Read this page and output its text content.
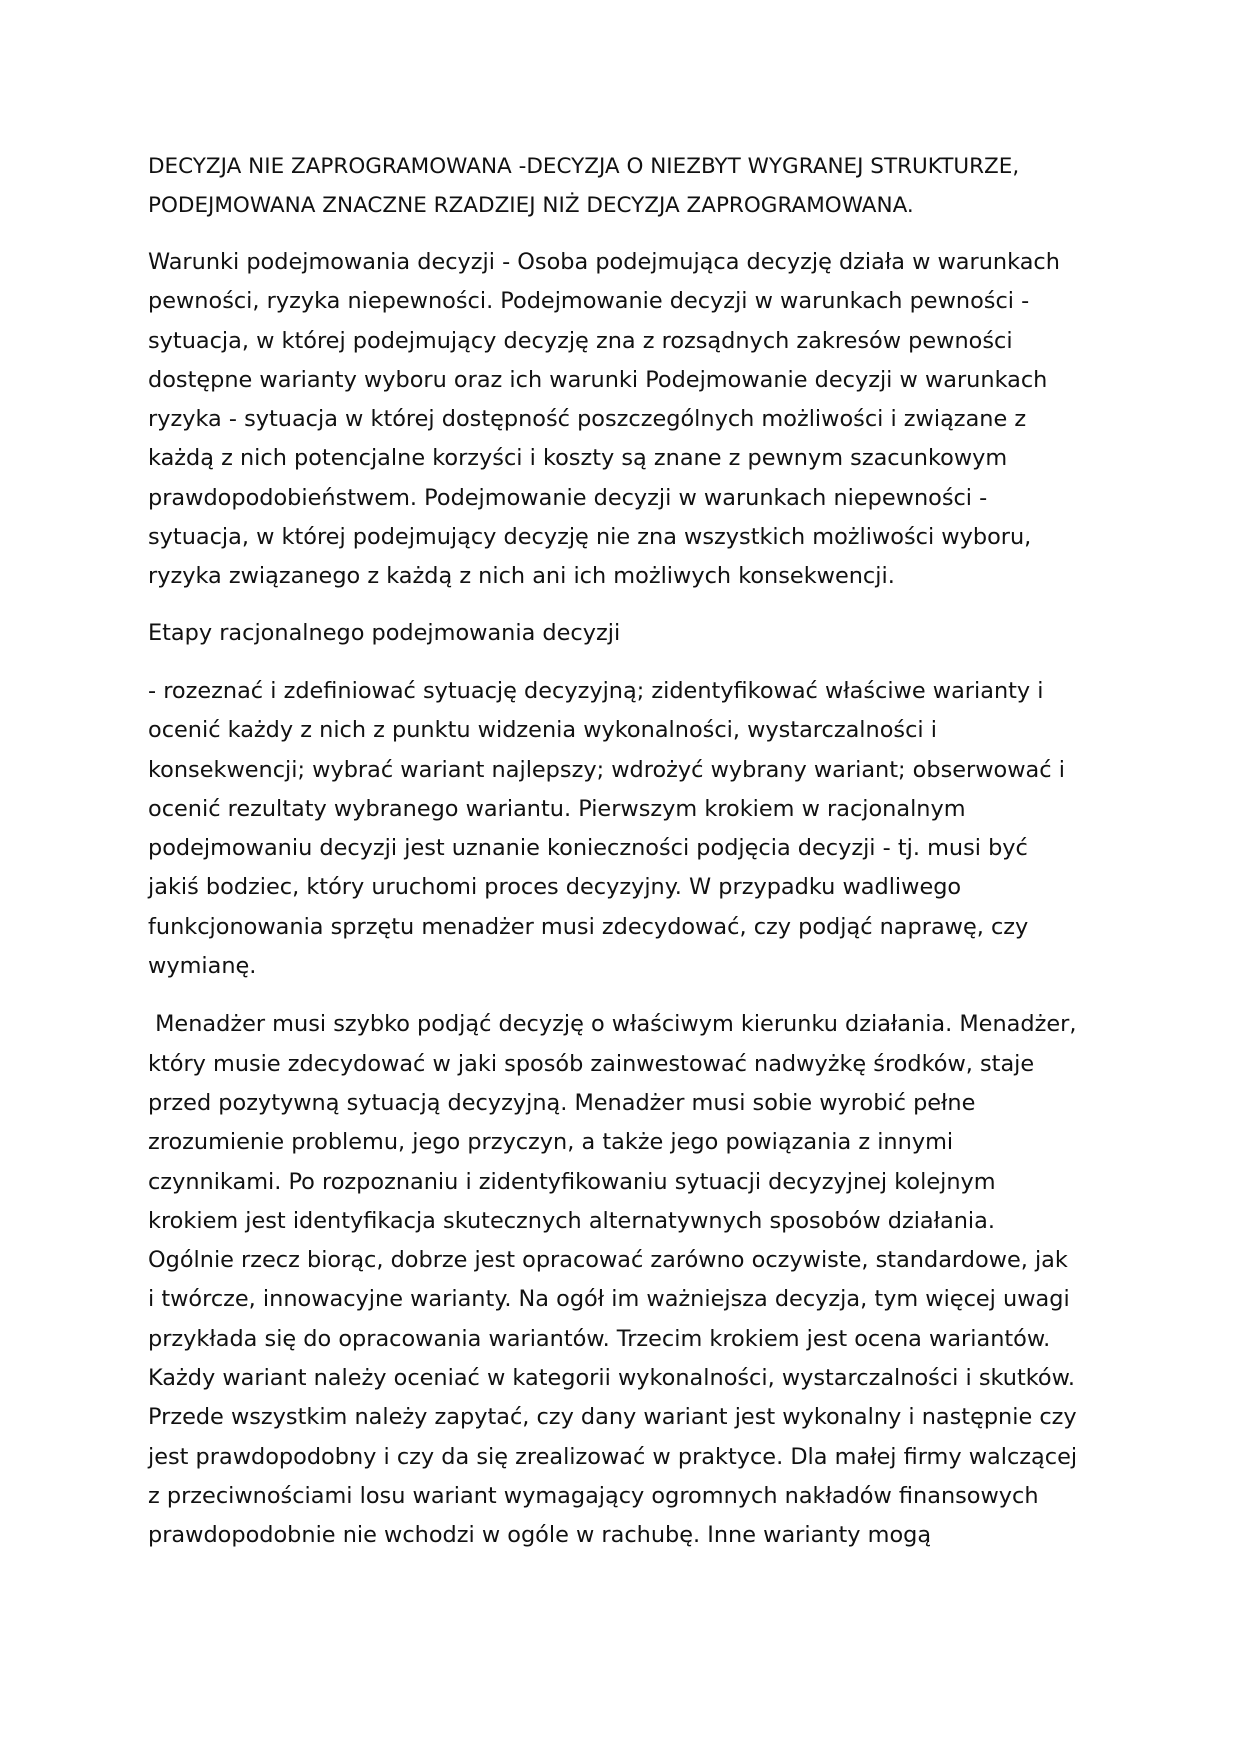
DECYZJA NIE ZAPROGRAMOWANA -DECYZJA O NIEZBYT WYGRANEJ STRUKTURZE,
PODEJMOWANA ZNACZNE RZADZIEJ NIŻ DECYZJA ZAPROGRAMOWANA.

Warunki podejmowania decyzji - Osoba podejmująca decyzję działa w warunkach
pewności, ryzyka niepewności. Podejmowanie decyzji w warunkach pewności -
sytuacja, w której podejmujący decyzję zna z rozsądnych zakresów pewności
dostępne warianty wyboru oraz ich warunki Podejmowanie decyzji w warunkach
ryzyka - sytuacja w której dostępność poszczególnych możliwości i związane z
każdą z nich potencjalne korzyści i koszty są znane z pewnym szacunkowym
prawdopodobieństwem. Podejmowanie decyzji w warunkach niepewności -
sytuacja, w której podejmujący decyzję nie zna wszystkich możliwości wyboru,
ryzyka związanego z każdą z nich ani ich możliwych konsekwencji.

Etapy racjonalnego podejmowania decyzji

- rozeznać i zdefiniować sytuację decyzyjną; zidentyfikować właściwe warianty i
ocenić każdy z nich z punktu widzenia wykonalności, wystarczalności i
konsekwencji; wybrać wariant najlepszy; wdrożyć wybrany wariant; obserwować i
ocenić rezultaty wybranego wariantu. Pierwszym krokiem w racjonalnym
podejmowaniu decyzji jest uznanie konieczności podjęcia decyzji - tj. musi być
jakiś bodziec, który uruchomi proces decyzyjny. W przypadku wadliwego
funkcjonowania sprzętu menadżer musi zdecydować, czy podjąć naprawę, czy
wymianę.

Menadżer musi szybko podjąć decyzję o właściwym kierunku działania. Menadżer,
który musie zdecydować w jaki sposób zainwestować nadwyżkę środków, staje
przed pozytywną sytuacją decyzyjną. Menadżer musi sobie wyrobić pełne
zrozumienie problemu, jego przyczyn, a także jego powiązania z innymi
czynnikami. Po rozpoznaniu i zidentyfikowaniu sytuacji decyzyjnej kolejnym
krokiem jest identyfikacja skutecznych alternatywnych sposobów działania.
Ogólnie rzecz biorąc, dobrze jest opracować zarówno oczywiste, standardowe, jak
i twórcze, innowacyjne warianty. Na ogół im ważniejsza decyzja, tym więcej uwagi
przykłada się do opracowania wariantów. Trzecim krokiem jest ocena wariantów.
Każdy wariant należy oceniać w kategorii wykonalności, wystarczalności i skutków.
Przede wszystkim należy zapytać, czy dany wariant jest wykonalny i następnie czy
jest prawdopodobny i czy da się zrealizować w praktyce. Dla małej firmy walczącej
z przeciwnościami losu wariant wymagający ogromnych nakładów finansowych
prawdopodobnie nie wchodzi w ogóle w rachubę. Inne warianty mogą
